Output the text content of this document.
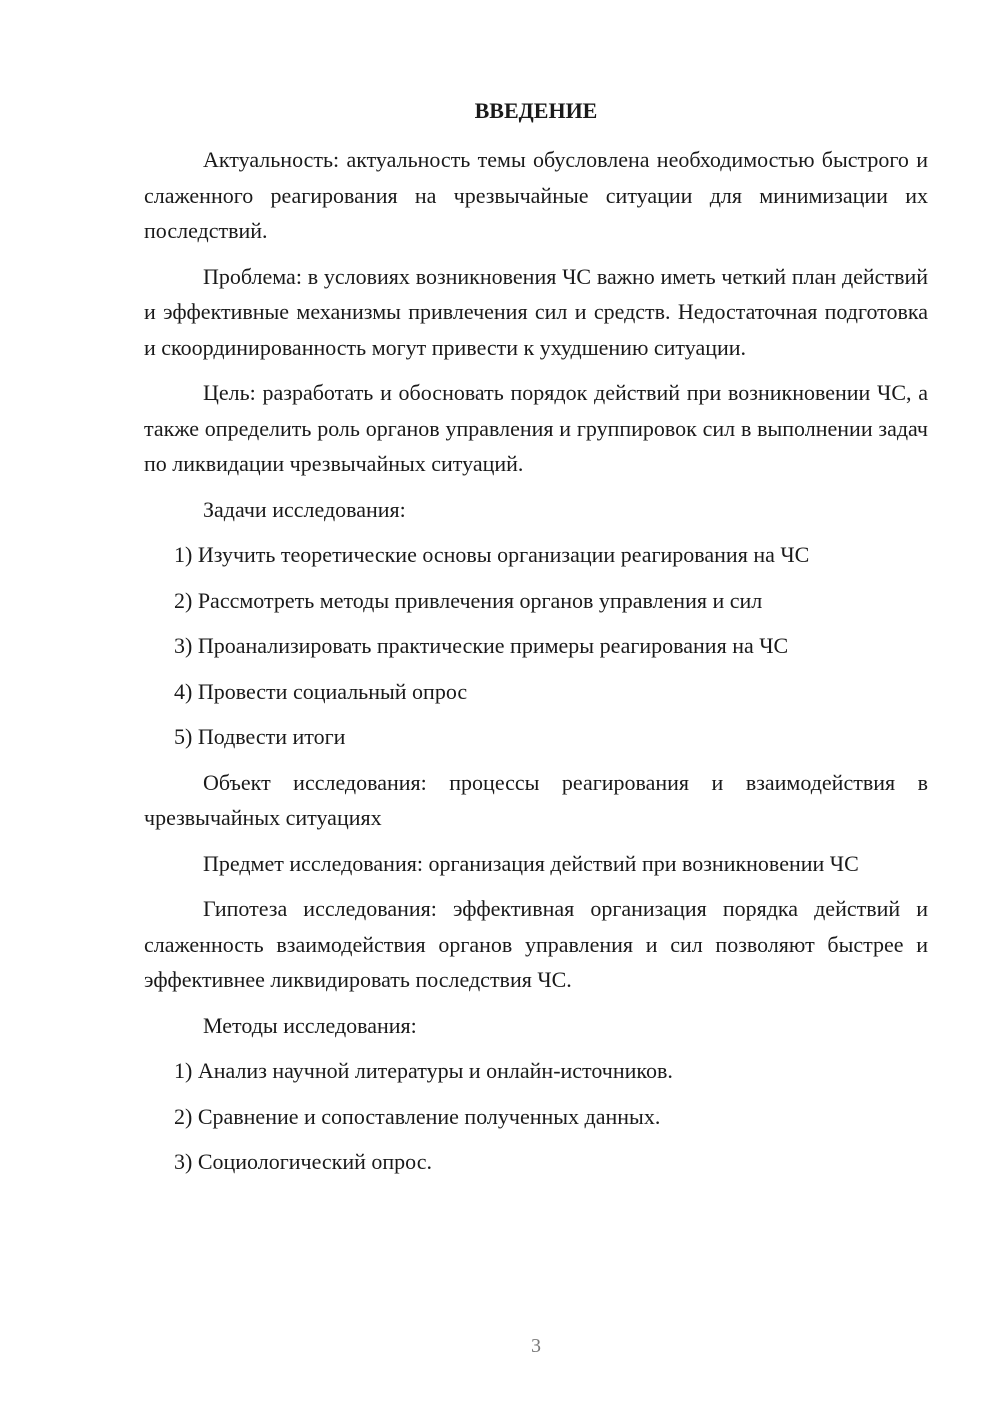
ВВЕДЕНИЕ

Актуальность: актуальность темы обусловлена необходимостью быстрого и слаженного реагирования на чрезвычайные ситуации для минимизации их последствий.

Проблема: в условиях возникновения ЧС важно иметь четкий план действий и эффективные механизмы привлечения сил и средств. Недостаточная подготовка и скоординированность могут привести к ухудшению ситуации.

Цель: разработать и обосновать порядок действий при возникновении ЧС, а также определить роль органов управления и группировок сил в выполнении задач по ликвидации чрезвычайных ситуаций.

Задачи исследования:

1) Изучить теоретические основы организации реагирования на ЧС

2) Рассмотреть методы привлечения органов управления и сил

3) Проанализировать практические примеры реагирования на ЧС

4) Провести социальный опрос

5) Подвести итоги

Объект исследования: процессы реагирования и взаимодействия в чрезвычайных ситуациях

Предмет исследования: организация действий при возникновении ЧС

Гипотеза исследования: эффективная организация порядка действий и слаженность взаимодействия органов управления и сил позволяют быстрее и эффективнее ликвидировать последствия ЧС.

Методы исследования:

1) Анализ научной литературы и онлайн-источников.

2) Сравнение и сопоставление полученных данных.

3) Социологический опрос.

3
